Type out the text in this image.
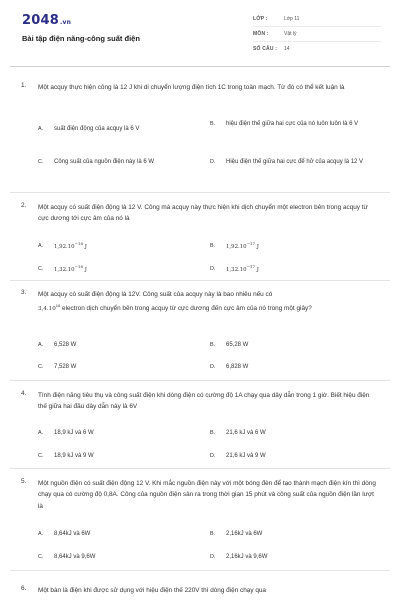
2048.vn
Bài tập điện năng-công suất điện
LỚP :	Lớp 11
MÔN :	Vật lý
SỐ CÂU :	14
1. Một acquy thực hiện công là 12 J khi di chuyển lượng điện tích 1C trong toàn mạch. Từ đó có thể kết luận là
A.	suất điện động của acquy là 6 V
B.	hiệu điện thế giữa hai cực của nó luôn luôn là 6 V
C.	Công suất của nguồn điện này là 6 W	D.	Hiệu điện thế giữa hai cực để hở của acquy là 12 V
2. Một acquy có suất điện động là 12 V. Công mà acquy này thực hiện khi dịch chuyển một electron bên trong acquy từ cực dương tới cực âm của nó là
A.	$1,92.10^{-18}$ J	B.	$1,92.10^{-17}$ J
C.	$1,32.10^{-18}$ J	D.	$1,32.10^{-17}$ J
3. Một acquy có suất điện động là 12V. Công suất của acquy này là bao nhiêu nếu có
3,4.10$^{18}$ electron dịch chuyển bên trong acquy từ cực dương đến cực âm của nó trong một giây?
A.	6,528 W	B.	65,28 W
C.	7,528 W	D.	6,828 W
4. Tính điện năng tiêu thụ và công suất điện khi dòng điện có cường độ 1A chạy qua dây dẫn trong 1 giờ. Biết hiệu điện thế giữa hai đầu dây dẫn này là 6V
A.	18,9 kJ và 6 W	B.	21,6 kJ và 6 W
C.	18,9 kJ và 9 W	D.	21,6 kJ và 9 W
5. Một nguồn điện có suất điện động 12 V. Khi mắc nguồn điện này với một bóng đèn để tạo thành mạch điện kín thì dòng chạy qua có cường độ 0,8A. Công của nguồn điện sản ra trong thời gian 15 phút và công suất của nguồn điện lần lượt là
A.	8,64kJ và 6W	B.	2,16kJ và 6W
C.	8,64kJ và 9,6W	D.	2,16kJ và 9,6W
6. Một bàn là điện khi được sử dụng với hiệu điện thế 220V thì dòng điện chạy qua
